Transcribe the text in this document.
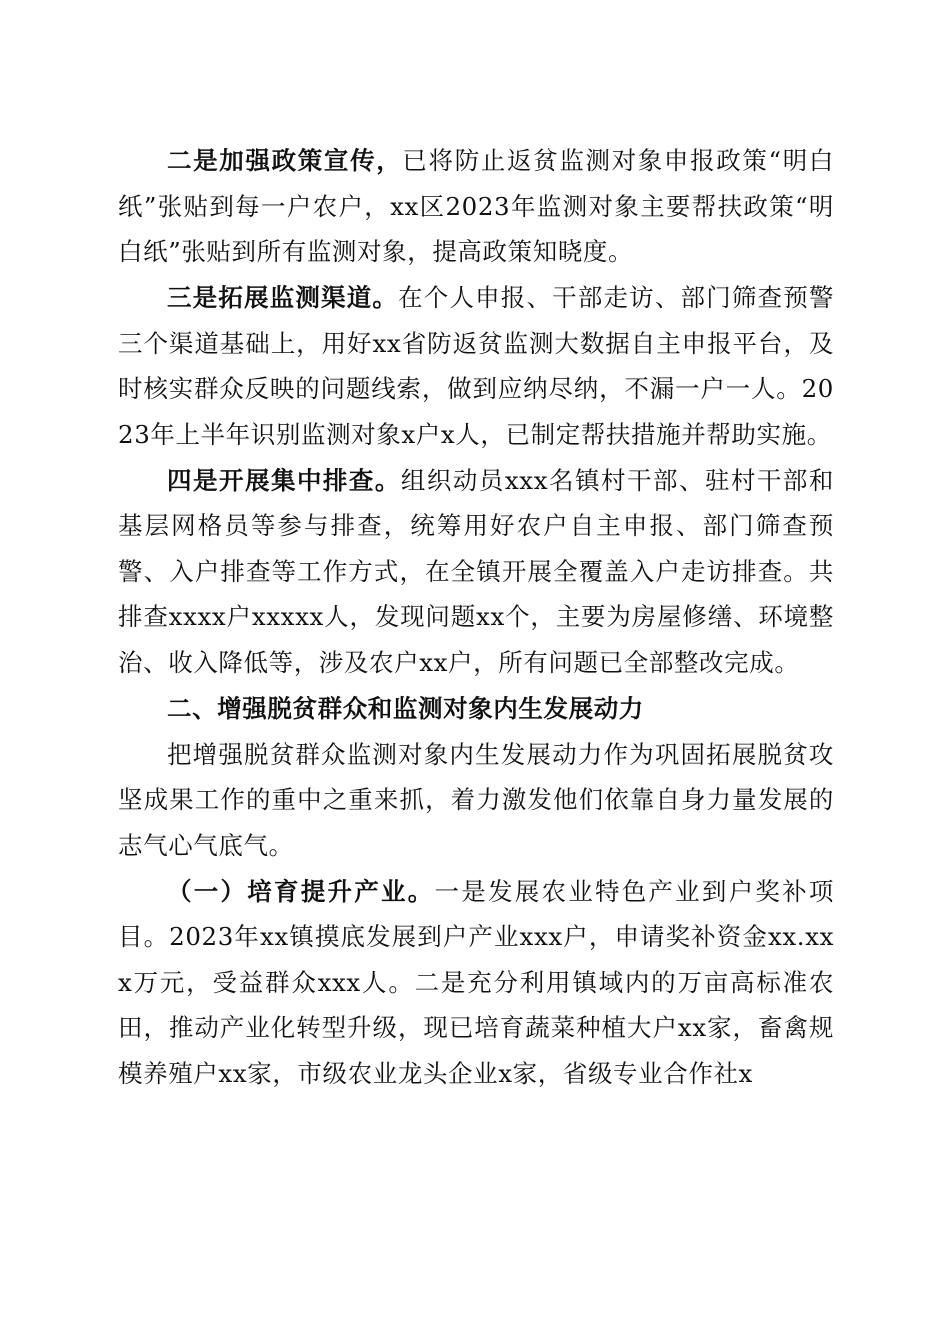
二是加强政策宣传，已将防止返贫监测对象申报政策“明白纸”张贴到每一户农户，xx区2023年监测对象主要帮扶政策“明白纸”张贴到所有监测对象，提高政策知晓度。

三是拓展监测渠道。在个人申报、干部走访、部门筛查预警三个渠道基础上，用好xx省防返贫监测大数据自主申报平台，及时核实群众反映的问题线索，做到应纳尽纳，不漏一户一人。2023年上半年识别监测对象x户x人，已制定帮扶措施并帮助实施。

四是开展集中排查。组织动员xxx名镇村干部、驻村干部和基层网格员等参与排查，统筹用好农户自主申报、部门筛查预警、入户排查等工作方式，在全镇开展全覆盖入户走访排查。共排查xxxx户xxxxx人，发现问题xx个，主要为房屋修缮、环境整治、收入降低等，涉及农户xx户，所有问题已全部整改完成。

二、增强脱贫群众和监测对象内生发展动力

把增强脱贫群众监测对象内生发展动力作为巩固拓展脱贫攻坚成果工作的重中之重来抓，着力激发他们依靠自身力量发展的志气心气底气。

（一）培育提升产业。一是发展农业特色产业到户奖补项目。2023年xx镇摸底发展到户产业xxx户，申请奖补资金xx.xxx万元，受益群众xxx人。二是充分利用镇域内的万亩高标准农田，推动产业化转型升级，现已培育蔬菜种植大户xx家，畜禽规模养殖户xx家，市级农业龙头企业x家，省级专业合作社x
